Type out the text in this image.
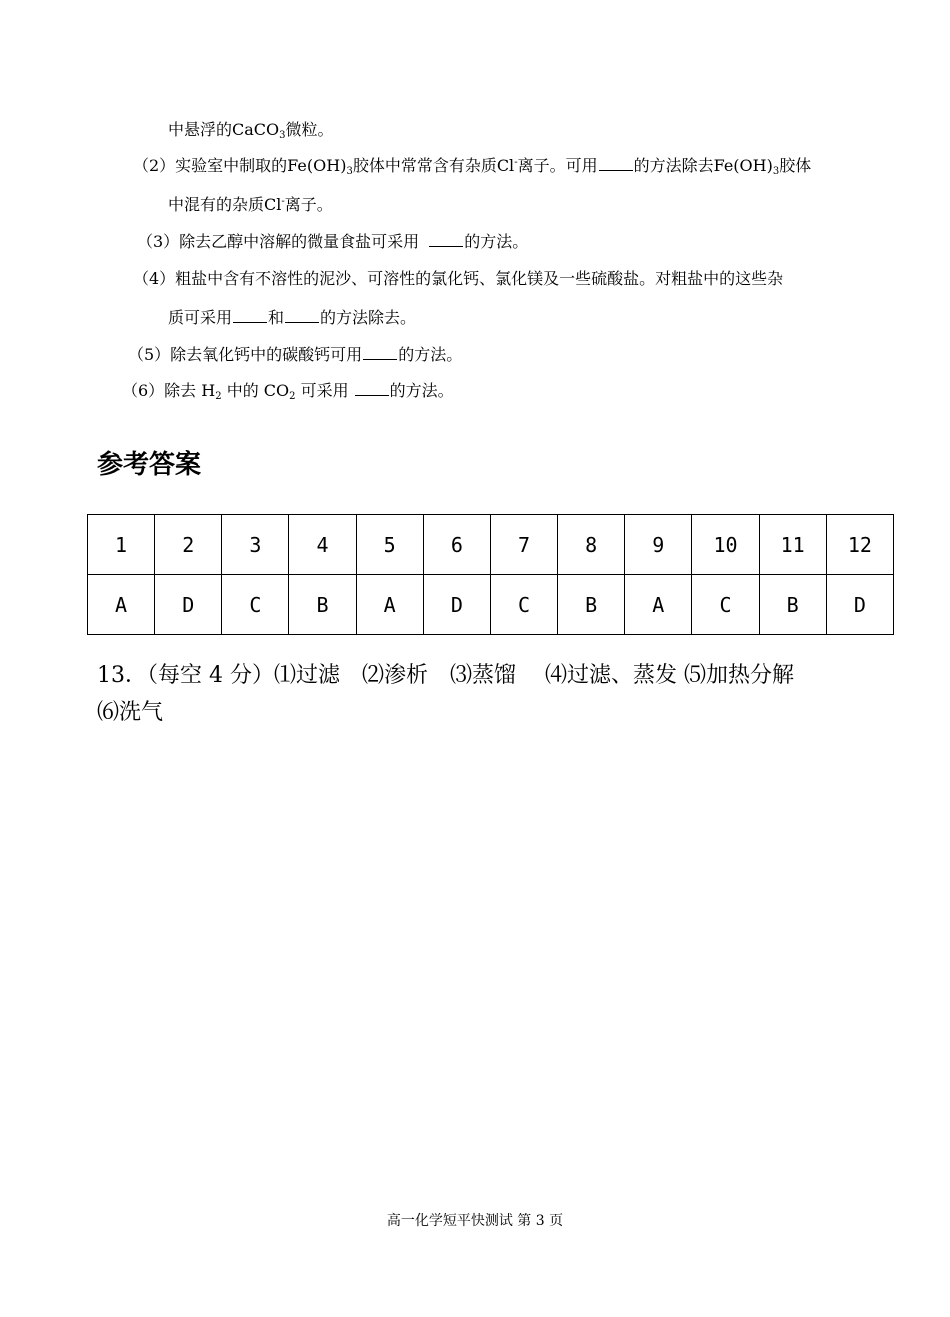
中悬浮的CaCO$_3$微粒。
（2）实验室中制取的$Fe(OH)_3$胶体中常常含有杂质Cl-离子。可用 的方法除去$Fe(OH)_3$胶体
中混有的杂质Cl-离子。
（3）除去乙醇中溶解的微量食盐可采用	的方法。
（4）粗盐中含有不溶性的泥沙、可溶性的氯化钙、氯化镁及一些硫酸盐。对粗盐中的这些杂
质可采用 和 的方法除去。
（5）除去氧化钙中的碳酸钙可用 的方法。
（6）除去 $H_2$ 中的 $CO_2$ 可采用	的方法。
参考答案
1	2	3	4	5	6	7	8	9	10	11	12
A	D	C	B	A	D	C	B	A	C	B	D
13．（每空 4 分）⑴过滤　⑵渗析　⑶蒸馏　 ⑷过滤、蒸发 ⑸加热分解
⑹洗气
高一化学短平快测试 第 3 页
